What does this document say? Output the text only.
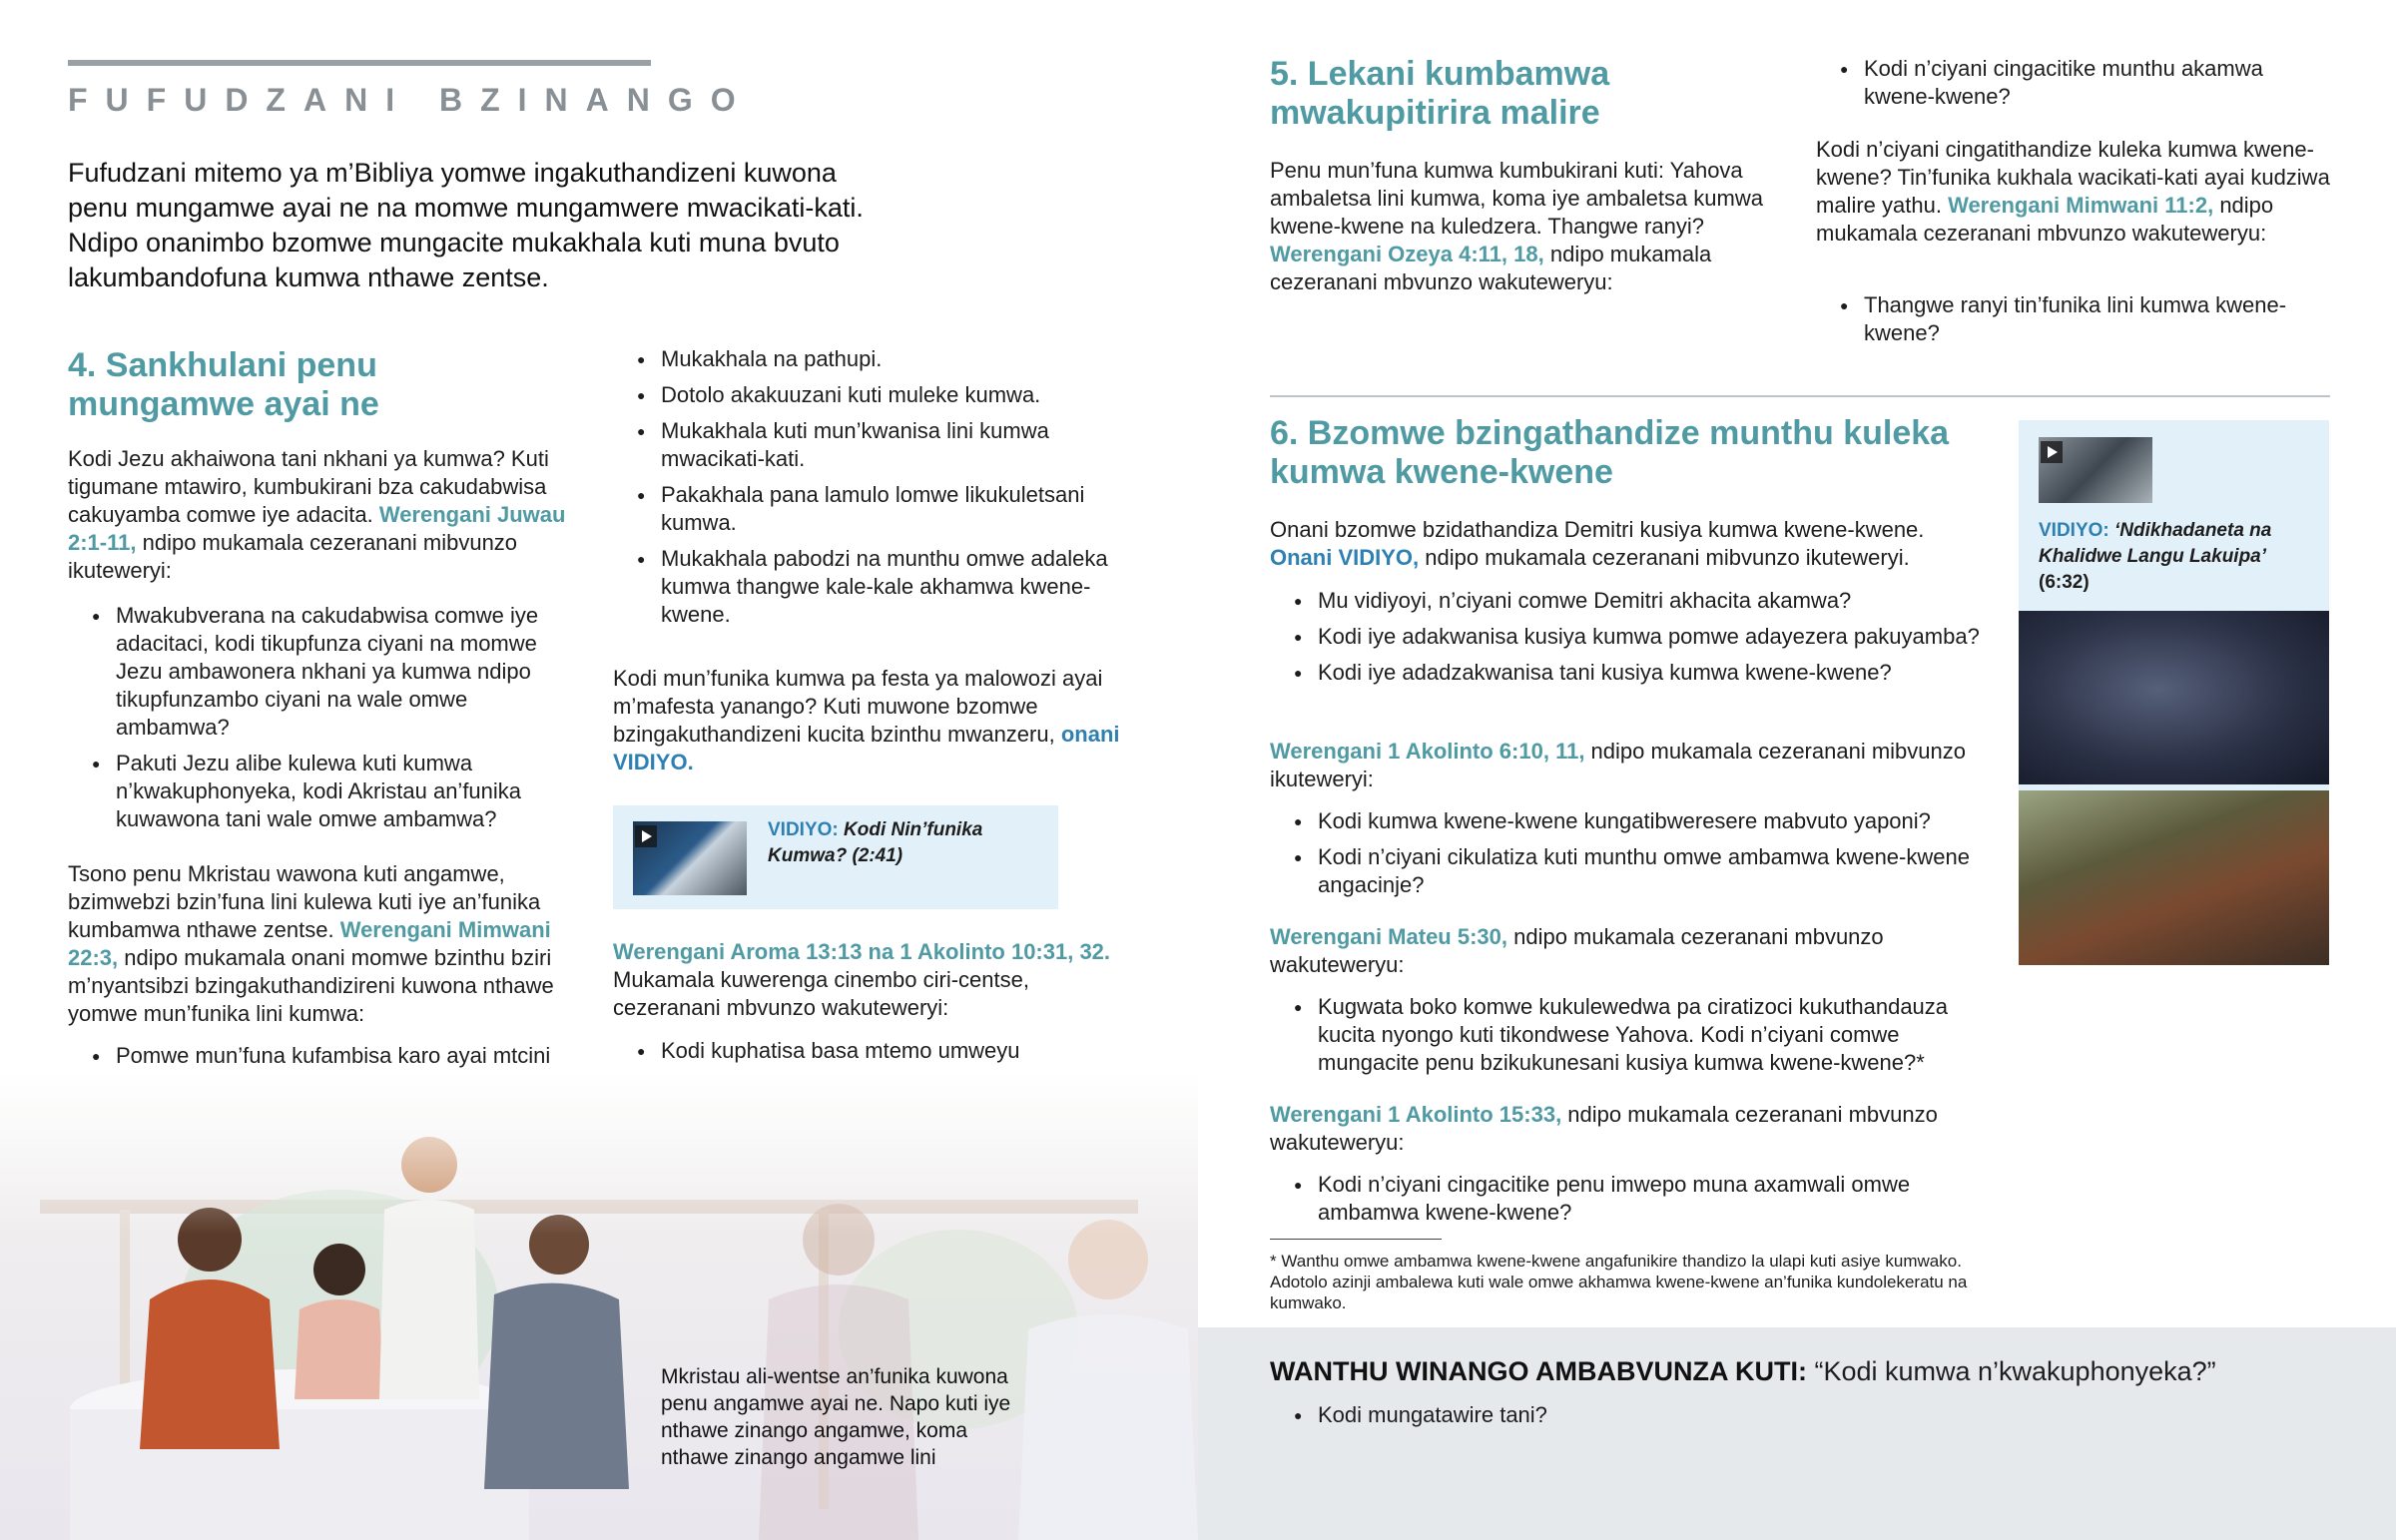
FUFUDZANI BZINANGO
Fufudzani mitemo ya m’Bibliya yomwe ingakuthandizeni kuwona penu mungamwe ayai ne na momwe mungamwere mwacikati-kati. Ndipo onanimbo bzomwe mungacite mukakhala kuti muna bvuto lakumbandofuna kumwa nthawe zentse.
4. Sankhulani penu mungamwe ayai ne
Kodi Jezu akhaiwona tani nkhani ya kumwa? Kuti tigumane mtawiro, kumbukirani bza cakudabwisa cakuyamba comwe iye adacita. Werengani Juwau 2:1-11, ndipo mukamala cezeranani mibvunzo ikuteweryi:
● Mwakubverana na cakudabwisa comwe iye adacitaci, kodi tikupfunza ciyani na momwe Jezu ambawonera nkhani ya kumwa ndipo tikupfunzambo ciyani na wale omwe ambamwa?
● Pakuti Jezu alibe kulewa kuti kumwa n’kwakuphonyeka, kodi Akristau an’funika kuwawona tani wale omwe ambamwa?
Tsono penu Mkristau wawona kuti angamwe, bzimwebzi bzin’funa lini kulewa kuti iye an’funika kumbamwa nthawe zentse. Werengani Mimwani 22:3, ndipo mukamala onani momwe bzinthu bziri m’nyantsibzi bzingakuthandizireni kuwona nthawe yomwe mun’funika lini kumwa:
● Pomwe mun’funa kufambisa karo ayai mtcini
● Mukakhala na pathupi.
● Dotolo akakuuzani kuti muleke kumwa.
● Mukakhala kuti mun’kwanisa lini kumwa mwacikati-kati.
● Pakakhala pana lamulo lomwe likukuletsani kumwa.
● Mukakhala pabodzi na munthu omwe adaleka kumwa thangwe kale-kale akhamwa kwene-kwene.
Kodi mun’funika kumwa pa festa ya malowozi ayai m’mafesta yanango? Kuti muwone bzomwe bzingakuthandizeni kucita bzinthu mwanzeru, onani VIDIYO.
VIDIYO: Kodi Nin’funika Kumwa? (2:41)
Werengani Aroma 13:13 na 1 Akolinto 10:31, 32. Mukamala kuwerenga cinembo ciri-centse, cezeranani mbvunzo wakuteweryi:
● Kodi kuphatisa basa mtemo umweyu
Mkristau ali-wentse an’funika kuwona penu angamwe ayai ne. Napo kuti iye nthawe zinango angamwe, koma nthawe zinango angamwe lini
5. Lekani kumbamwa mwakupitirira malire
Penu mun’funa kumwa kumbukirani kuti: Yahova ambaletsa lini kumwa, koma iye ambaletsa kumwa kwene-kwene na kuledzera. Thangwe ranyi? Werengani Ozeya 4:11, 18, ndipo mukamala cezeranani mbvunzo wakuteweryu:
● Kodi n’ciyani cingacitike munthu akamwa kwene-kwene?
Kodi n’ciyani cingatithandize kuleka kumwa kwene-kwene? Tin’funika kukhala wacikati-kati ayai kudziwa malire yathu. Werengani Mimwani 11:2, ndipo mukamala cezeranani mbvunzo wakuteweryu:
● Thangwe ranyi tin’funika lini kumwa kwene-kwene?
6. Bzomwe bzingathandize munthu kuleka kumwa kwene-kwene
Onani bzomwe bzidathandiza Demitri kusiya kumwa kwene-kwene. Onani VIDIYO, ndipo mukamala cezeranani mibvunzo ikuteweryi.
● Mu vidiyoyi, n’ciyani comwe Demitri akhacita akamwa?
● Kodi iye adakwanisa kusiya kumwa pomwe adayezera pakuyamba?
● Kodi iye adadzakwanisa tani kusiya kumwa kwene-kwene?
Werengani 1 Akolinto 6:10, 11, ndipo mukamala cezeranani mibvunzo ikuteweryi:
● Kodi kumwa kwene-kwene kungatibweresere mabvuto yaponi?
● Kodi n’ciyani cikulatiza kuti munthu omwe ambamwa kwene-kwene angacinje?
Werengani Mateu 5:30, ndipo mukamala cezeranani mbvunzo wakuteweryu:
● Kugwata boko komwe kukulewedwa pa ciratizoci kukuthandauza kucita nyongo kuti tikondwese Yahova. Kodi n’ciyani comwe mungacite penu bzikukunesani kusiya kumwa kwene-kwene?*
Werengani 1 Akolinto 15:33, ndipo mukamala cezeranani mbvunzo wakuteweryu:
● Kodi n’ciyani cingacitike penu imwepo muna axamwali omwe ambamwa kwene-kwene?
VIDIYO: ‘Ndikhadaneta na Khalidwe Langu Lakuipa’
(6:32)
* Wanthu omwe ambamwa kwene-kwene angafunikire thandizo la ulapi kuti asiye kumwako. Adotolo azinji ambalewa kuti wale omwe akhamwa kwene-kwene an’funika kundolekeratu na kumwako.
WANTHU WINANGO AMBABVUNZA KUTI: “Kodi kumwa n’kwakuphonyeka?”
● Kodi mungatawire tani?
